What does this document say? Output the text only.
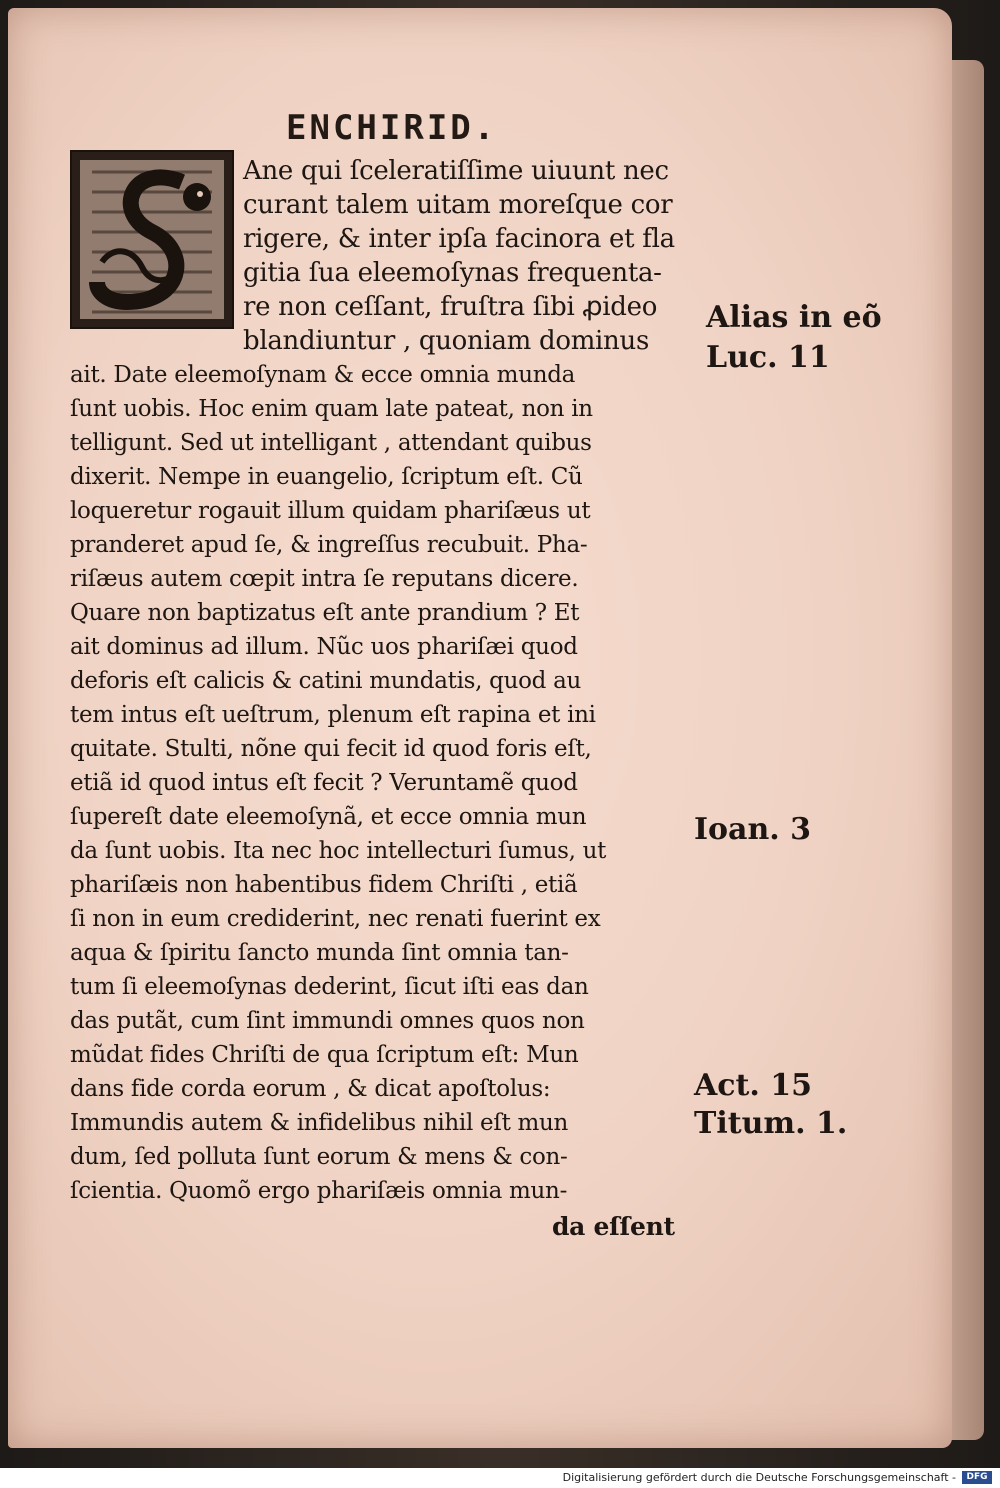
ENCHIRID.
Ane qui ſceleratiſſime uiuunt nec
curant talem uitam moreſque cor
rigere, & inter ipſa facinora et fla
gitia ſua eleemoſynas frequenta-
re non ceſſant, fruſtra ſibi ꝓideo
blandiuntur , quoniam dominus
ait. Date eleemoſynam & ecce omnia munda
ſunt uobis. Hoc enim quam late pateat, non in
telligunt. Sed ut intelligant , attendant quibus
dixerit. Nempe in euangelio, ſcriptum eſt. Cũ
loqueretur rogauit illum quidam phariſæus ut
pranderet apud ſe, & ingreſſus recubuit. Pha-
riſæus autem cœpit intra ſe reputans dicere.
Quare non baptizatus eſt ante prandium ? Et
ait dominus ad illum. Nũc uos phariſæi quod
deforis eſt calicis & catini mundatis, quod au
tem intus eſt ueſtrum, plenum eſt rapina et ini
quitate. Stulti, nõne qui fecit id quod foris eſt,
etiã id quod intus eſt fecit ? Veruntamẽ quod
ſupereſt date eleemoſynã, et ecce omnia mun
da ſunt uobis. Ita nec hoc intellecturi ſumus, ut
phariſæis non habentibus fidem Chriſti , etiã
ſi non in eum crediderint, nec renati fuerint ex
aqua & ſpiritu ſancto munda ſint omnia tan-
tum ſi eleemoſynas dederint, ſicut iſti eas dan
das putãt, cum ſint immundi omnes quos non
mũdat fides Chriſti de qua ſcriptum eſt: Mun
dans fide corda eorum , & dicat apoſtolus:
Immundis autem & infidelibus nihil eſt mun
dum, ſed polluta ſunt eorum & mens & con-
ſcientia. Quomõ ergo phariſæis omnia mun-
da eſſent
Alias in eõ
Luc. 11
Ioan. 3
Act. 15
Titum. 1.
Digitalisierung gefördert durch die Deutsche Forschungsgemeinschaft -	DFG
